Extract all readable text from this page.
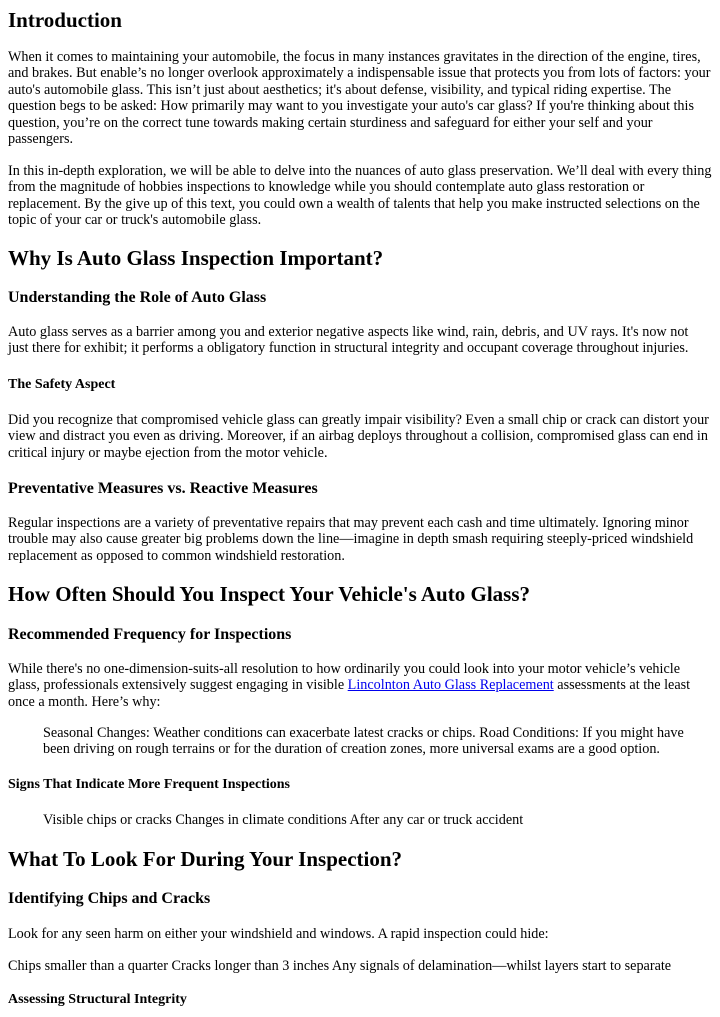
Introduction

When it comes to maintaining your automobile, the focus in many instances gravitates in the direction of the engine, tires, and brakes. But enable’s no longer overlook approximately a indispensable issue that protects you from lots of factors: your auto's automobile glass. This isn’t just about aesthetics; it's about defense, visibility, and typical riding expertise. The question begs to be asked: How primarily may want to you investigate your auto's car glass? If you're thinking about this question, you’re on the correct tune towards making certain sturdiness and safeguard for either your self and your passengers.

In this in-depth exploration, we will be able to delve into the nuances of auto glass preservation. We’ll deal with every thing from the magnitude of hobbies inspections to knowledge while you should contemplate auto glass restoration or replacement. By the give up of this text, you could own a wealth of talents that help you make instructed selections on the topic of your car or truck's automobile glass.

Why Is Auto Glass Inspection Important?
Understanding the Role of Auto Glass

Auto glass serves as a barrier among you and exterior negative aspects like wind, rain, debris, and UV rays. It's now not just there for exhibit; it performs a obligatory function in structural integrity and occupant coverage throughout injuries.

The Safety Aspect

Did you recognize that compromised vehicle glass can greatly impair visibility? Even a small chip or crack can distort your view and distract you even as driving. Moreover, if an airbag deploys throughout a collision, compromised glass can end in critical injury or maybe ejection from the motor vehicle.

Preventative Measures vs. Reactive Measures

Regular inspections are a variety of preventative repairs that may prevent each cash and time ultimately. Ignoring minor trouble may also cause greater big problems down the line—imagine in depth smash requiring steeply-priced windshield replacement as opposed to common windshield restoration.

How Often Should You Inspect Your Vehicle's Auto Glass?
Recommended Frequency for Inspections

While there's no one-dimension-suits-all resolution to how ordinarily you could look into your motor vehicle’s vehicle glass, professionals extensively suggest engaging in visible Lincolnton Auto Glass Replacement assessments at the least once a month. Here’s why:

Seasonal Changes: Weather conditions can exacerbate latest cracks or chips. Road Conditions: If you might have been driving on rough terrains or for the duration of creation zones, more universal exams are a good option.
Signs That Indicate More Frequent Inspections
Visible chips or cracks Changes in climate conditions After any car or truck accident
What To Look For During Your Inspection?
Identifying Chips and Cracks

Look for any seen harm on either your windshield and windows. A rapid inspection could hide:

Chips smaller than a quarter Cracks longer than 3 inches Any signals of delamination—whilst layers start to separate

Assessing Structural Integrity
